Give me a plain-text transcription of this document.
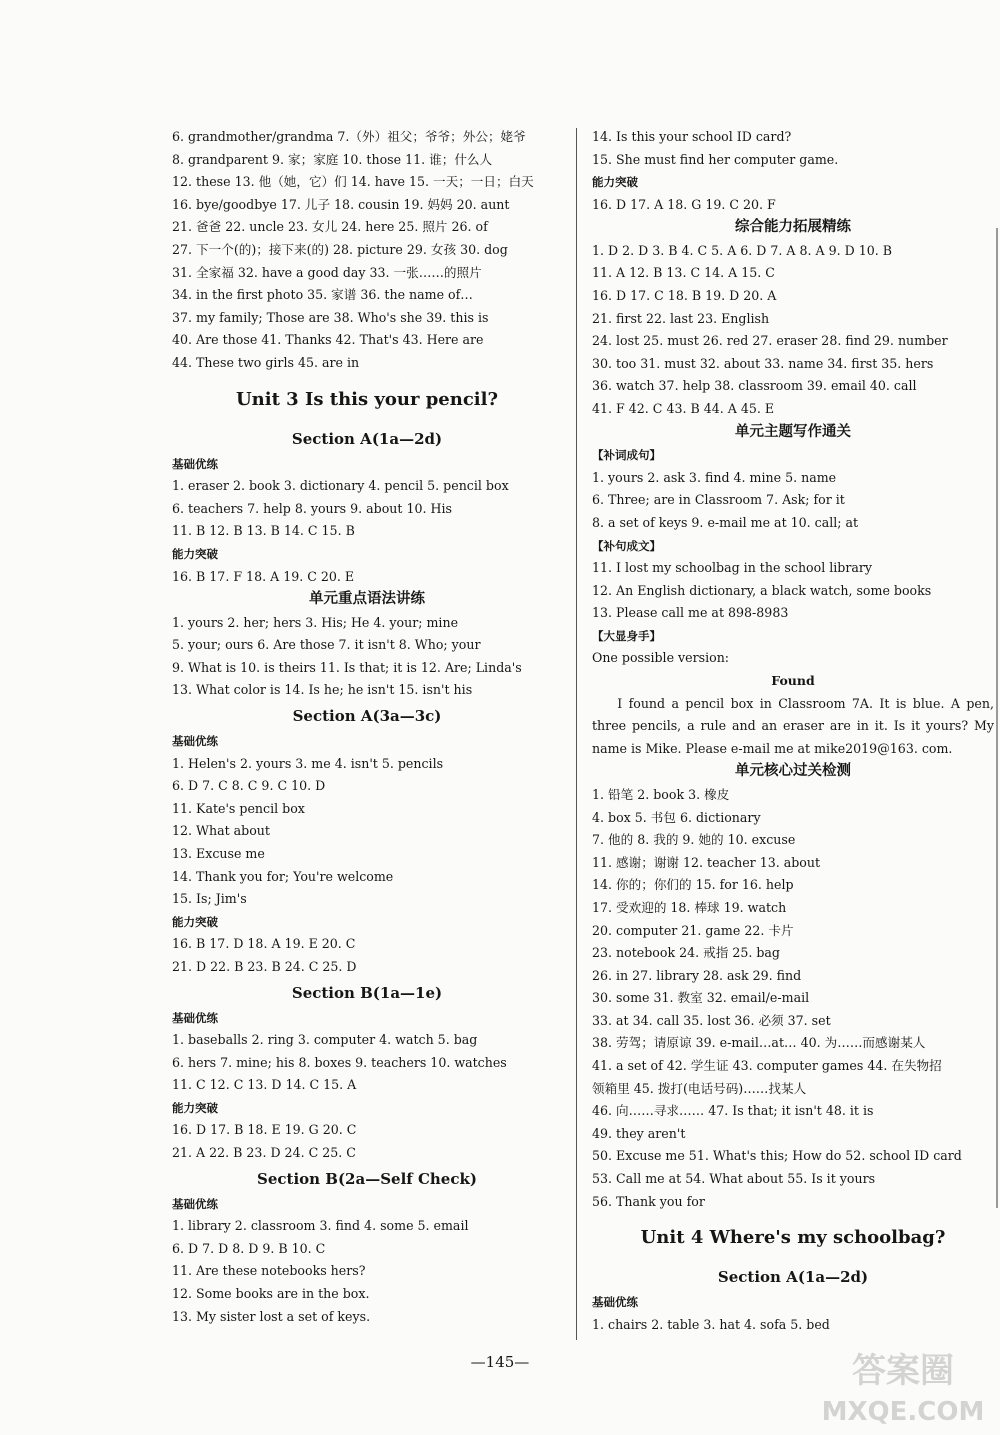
6. grandmother/grandma 7.（外）祖父；爷爷；外公；姥爷
8. grandparent 9. 家；家庭 10. those 11. 谁；什么人
12. these 13. 他（她，它）们 14. have 15. 一天；一日；白天
16. bye/goodbye 17. 儿子 18. cousin 19. 妈妈 20. aunt
21. 爸爸 22. uncle 23. 女儿 24. here 25. 照片 26. of
27. 下一个(的)；接下来(的) 28. picture 29. 女孩 30. dog
31. 全家福 32. have a good day 33. 一张……的照片
34. in the first photo 35. 家谱 36. the name of…
37. my family; Those are 38. Who's she 39. this is
40. Are those 41. Thanks 42. That's 43. Here are
44. These two girls 45. are in
Unit 3 Is this your pencil?
Section A(1a—2d)
基础优练
1. eraser 2. book 3. dictionary 4. pencil 5. pencil box
6. teachers 7. help 8. yours 9. about 10. His
11. B 12. B 13. B 14. C 15. B
能力突破
16. B 17. F 18. A 19. C 20. E
单元重点语法讲练
1. yours 2. her; hers 3. His; He 4. your; mine
5. your; ours 6. Are those 7. it isn't 8. Who; your
9. What is 10. is theirs 11. Is that; it is 12. Are; Linda's
13. What color is 14. Is he; he isn't 15. isn't his
Section A(3a—3c)
基础优练
1. Helen's 2. yours 3. me 4. isn't 5. pencils
6. D 7. C 8. C 9. C 10. D
11. Kate's pencil box
12. What about
13. Excuse me
14. Thank you for; You're welcome
15. Is; Jim's
能力突破
16. B 17. D 18. A 19. E 20. C
21. D 22. B 23. B 24. C 25. D
Section B(1a—1e)
基础优练
1. baseballs 2. ring 3. computer 4. watch 5. bag
6. hers 7. mine; his 8. boxes 9. teachers 10. watches
11. C 12. C 13. D 14. C 15. A
能力突破
16. D 17. B 18. E 19. G 20. C
21. A 22. B 23. D 24. C 25. C
Section B(2a—Self Check)
基础优练
1. library 2. classroom 3. find 4. some 5. email
6. D 7. D 8. D 9. B 10. C
11. Are these notebooks hers?
12. Some books are in the box.
13. My sister lost a set of keys.
14. Is this your school ID card?
15. She must find her computer game.
能力突破
16. D 17. A 18. G 19. C 20. F
综合能力拓展精练
1. D 2. D 3. B 4. C 5. A 6. D 7. A 8. A 9. D 10. B
11. A 12. B 13. C 14. A 15. C
16. D 17. C 18. B 19. D 20. A
21. first 22. last 23. English
24. lost 25. must 26. red 27. eraser 28. find 29. number
30. too 31. must 32. about 33. name 34. first 35. hers
36. watch 37. help 38. classroom 39. email 40. call
41. F 42. C 43. B 44. A 45. E
单元主题写作通关
【补词成句】
1. yours 2. ask 3. find 4. mine 5. name
6. Three; are in Classroom 7. Ask; for it
8. a set of keys 9. e-mail me at 10. call; at
【补句成文】
11. I lost my schoolbag in the school library
12. An English dictionary, a black watch, some books
13. Please call me at 898-8983
【大显身手】
One possible version:
Found
I found a pencil box in Classroom 7A. It is blue. A pen, three pencils, a rule and an eraser are in it. Is it yours? My name is Mike. Please e-mail me at mike2019@163. com.
单元核心过关检测
1. 铅笔 2. book 3. 橡皮
4. box 5. 书包 6. dictionary
7. 他的 8. 我的 9. 她的 10. excuse
11. 感谢；谢谢 12. teacher 13. about
14. 你的；你们的 15. for 16. help
17. 受欢迎的 18. 棒球 19. watch
20. computer 21. game 22. 卡片
23. notebook 24. 戒指 25. bag
26. in 27. library 28. ask 29. find
30. some 31. 教室 32. email/e-mail
33. at 34. call 35. lost 36. 必须 37. set
38. 劳驾；请原谅 39. e-mail…at… 40. 为……而感谢某人
41. a set of 42. 学生证 43. computer games 44. 在失物招
领箱里 45. 拨打(电话号码)……找某人
46. 向……寻求…… 47. Is that; it isn't 48. it is
49. they aren't
50. Excuse me 51. What's this; How do 52. school ID card
53. Call me at 54. What about 55. Is it yours
56. Thank you for
Unit 4 Where's my schoolbag?
Section A(1a—2d)
基础优练
1. chairs 2. table 3. hat 4. sofa 5. bed
—145—	答案圈
MXQE.COM
